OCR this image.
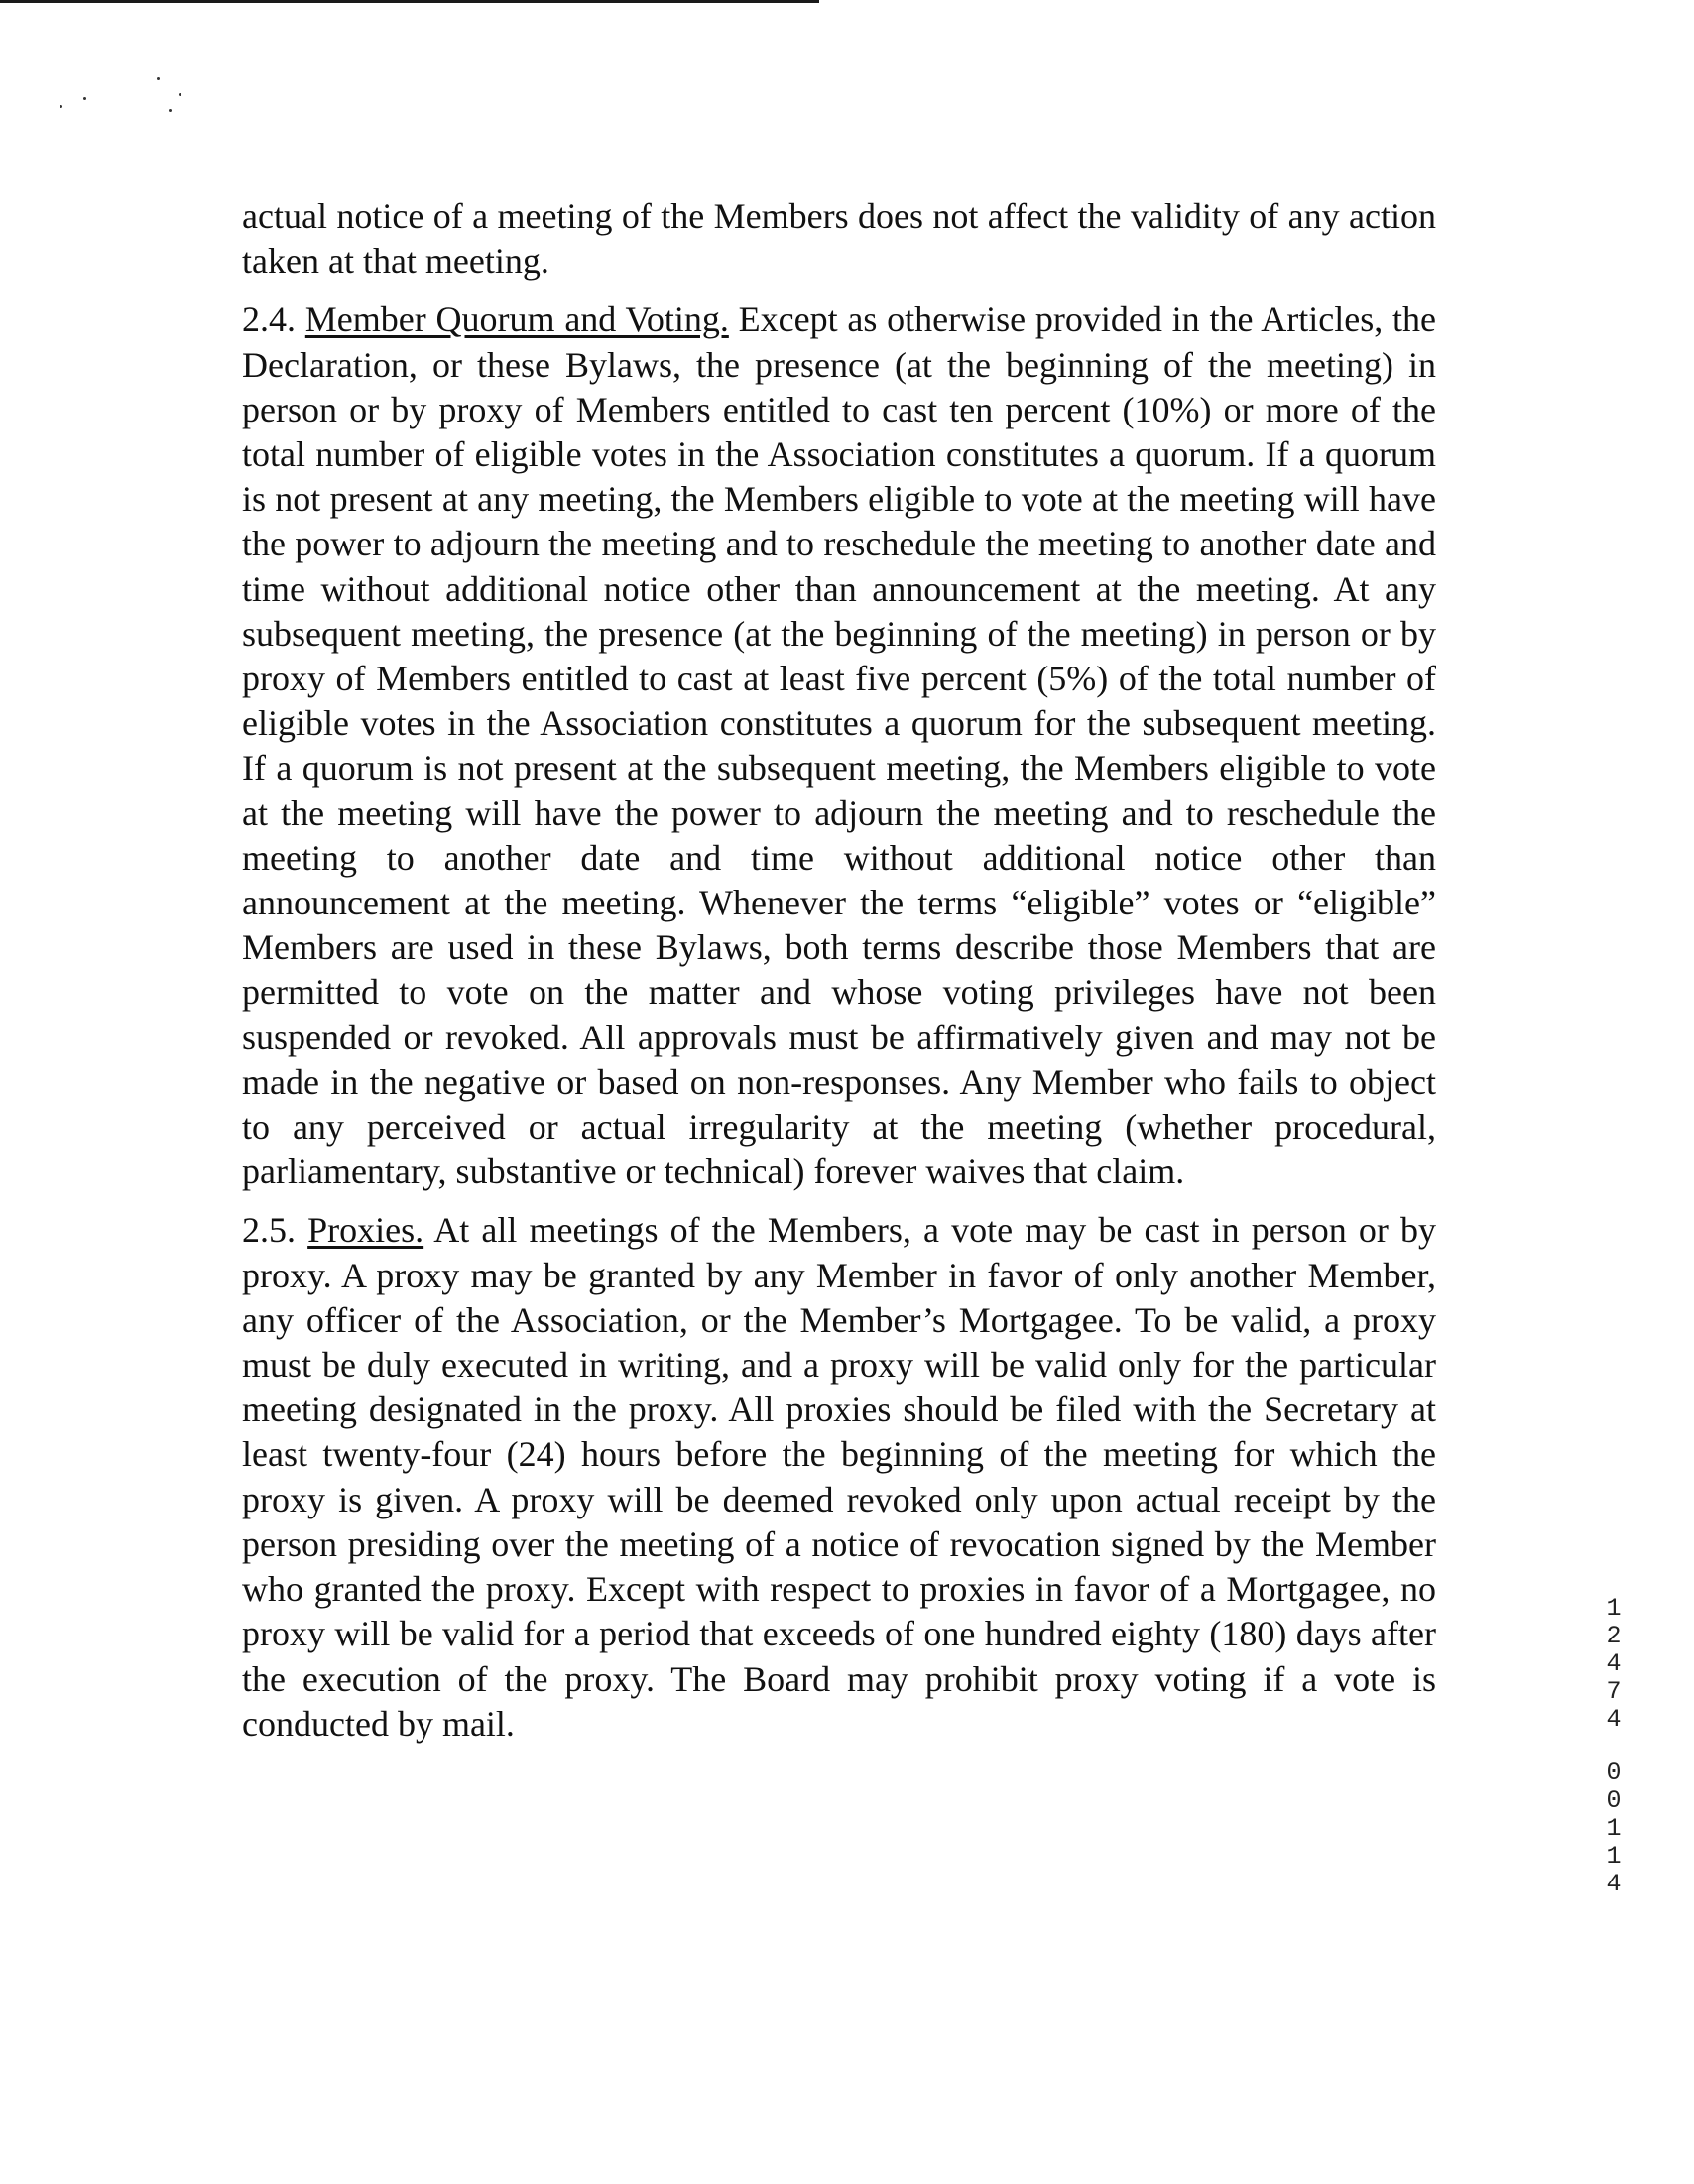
actual notice of a meeting of the Members does not affect the validity of any action taken at that meeting.

2.4. Member Quorum and Voting. Except as otherwise provided in the Articles, the Declaration, or these Bylaws, the presence (at the beginning of the meeting) in person or by proxy of Members entitled to cast ten percent (10%) or more of the total number of eligible votes in the Association constitutes a quorum. If a quorum is not present at any meeting, the Members eligible to vote at the meeting will have the power to adjourn the meeting and to reschedule the meeting to another date and time without additional notice other than announcement at the meeting. At any subsequent meeting, the presence (at the beginning of the meeting) in person or by proxy of Members entitled to cast at least five percent (5%) of the total number of eligible votes in the Association constitutes a quorum for the subsequent meeting. If a quorum is not present at the subsequent meeting, the Members eligible to vote at the meeting will have the power to adjourn the meeting and to reschedule the meeting to another date and time without additional notice other than announcement at the meeting. Whenever the terms “eligible” votes or “eligible” Members are used in these Bylaws, both terms describe those Members that are permitted to vote on the matter and whose voting privileges have not been suspended or revoked. All approvals must be affirmatively given and may not be made in the negative or based on non-responses. Any Member who fails to object to any perceived or actual irregularity at the meeting (whether procedural, parliamentary, substantive or technical) forever waives that claim.

2.5. Proxies. At all meetings of the Members, a vote may be cast in person or by proxy. A proxy may be granted by any Member in favor of only another Member, any officer of the Association, or the Member’s Mortgagee. To be valid, a proxy must be duly executed in writing, and a proxy will be valid only for the particular meeting designated in the proxy. All proxies should be filed with the Secretary at least twenty-four (24) hours before the beginning of the meeting for which the proxy is given. A proxy will be deemed revoked only upon actual receipt by the person presiding over the meeting of a notice of revocation signed by the Member who granted the proxy. Except with respect to proxies in favor of a Mortgagee, no proxy will be valid for a period that exceeds of one hundred eighty (180) days after the execution of the proxy. The Board may prohibit proxy voting if a vote is conducted by mail.

1
2
4
7
4
0
0
1
1
4
